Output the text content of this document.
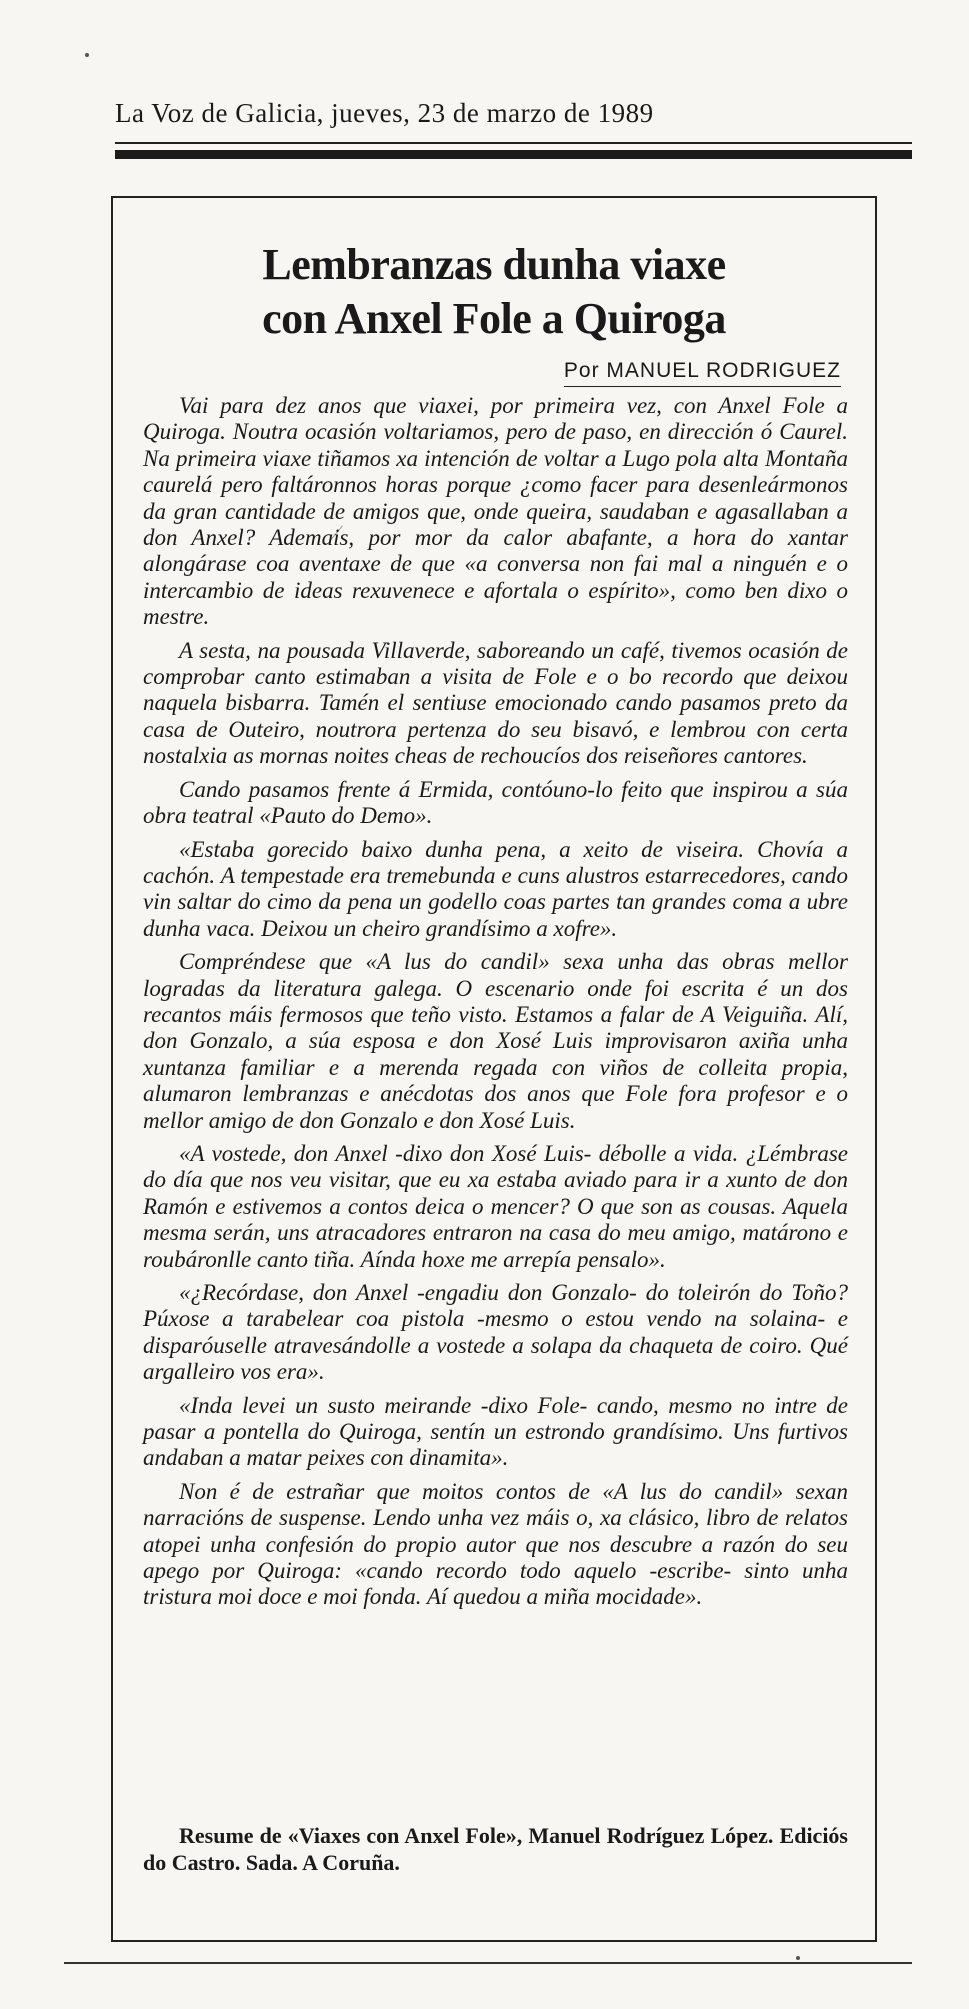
La Voz de Galicia, jueves, 23 de marzo de 1989
Lembranzas dunha viaxe
con Anxel Fole a Quiroga
Por MANUEL RODRIGUEZ

Vai para dez anos que viaxei, por primeira vez, con Anxel Fole a Quiroga. Noutra ocasión voltariamos, pero de paso, en dirección ó Caurel. Na primeira viaxe tiñamos xa intención de voltar a Lugo pola alta Montaña caurelá pero faltáronnos horas porque ¿como facer para desenleármonos da gran cantidade de amigos que, onde queira, saudaban e agasallaban a don Anxel? Ademais, por mor da calor abafante, a hora do xantar alongárase coa aventaxe de que «a conversa non fai mal a ninguén e o intercambio de ideas rexuvenece e afortala o espírito», como ben dixo o mestre.

A sesta, na pousada Villaverde, saboreando un café, tivemos ocasión de comprobar canto estimaban a visita de Fole e o bo recordo que deixou naquela bisbarra. Tamén el sentiuse emocionado cando pasamos preto da casa de Outeiro, noutrora pertenza do seu bisavó, e lembrou con certa nostalxia as mornas noites cheas de rechoucíos dos reiseñores cantores.

Cando pasamos frente á Ermida, contóuno-lo feito que inspirou a súa obra teatral «Pauto do Demo».

«Estaba gorecido baixo dunha pena, a xeito de viseira. Chovía a cachón. A tempestade era tremebunda e cuns alustros estarrecedores, cando vin saltar do cimo da pena un godello coas partes tan grandes coma a ubre dunha vaca. Deixou un cheiro grandísimo a xofre».

Compréndese que «A lus do candil» sexa unha das obras mellor logradas da literatura galega. O escenario onde foi escrita é un dos recantos máis fermosos que teño visto. Estamos a falar de A Veiguiña. Alí, don Gonzalo, a súa esposa e don Xosé Luis improvisaron axiña unha xuntanza familiar e a merenda regada con viños de colleita propia, alumaron lembranzas e anécdotas dos anos que Fole fora profesor e o mellor amigo de don Gonzalo e don Xosé Luis.

«A vostede, don Anxel -dixo don Xosé Luis- débolle a vida. ¿Lémbrase do día que nos veu visitar, que eu xa estaba aviado para ir a xunto de don Ramón e estivemos a contos deica o mencer? O que son as cousas. Aquela mesma serán, uns atracadores entraron na casa do meu amigo, matárono e roubáronlle canto tiña. Aínda hoxe me arrepía pensalo».

«¿Recórdase, don Anxel -engadiu don Gonzalo- do toleirón do Toño? Púxose a tarabelear coa pistola -mesmo o estou vendo na solaina- e disparóuselle atravesándolle a vostede a solapa da chaqueta de coiro. Qué argalleiro vos era».

«Inda levei un susto meirande -dixo Fole- cando, mesmo no intre de pasar a pontella do Quiroga, sentín un estrondo grandísimo. Uns furtivos andaban a matar peixes con dinamita».

Non é de estrañar que moitos contos de «A lus do candil» sexan narracións de suspense. Lendo unha vez máis o, xa clásico, libro de relatos atopei unha confesión do propio autor que nos descubre a razón do seu apego por Quiroga: «cando recordo todo aquelo -escribe- sinto unha tristura moi doce e moi fonda. Aí quedou a miña mocidade».

Resume de «Viaxes con Anxel Fole», Manuel Rodríguez López. Ediciós do Castro. Sada. A Coruña.
